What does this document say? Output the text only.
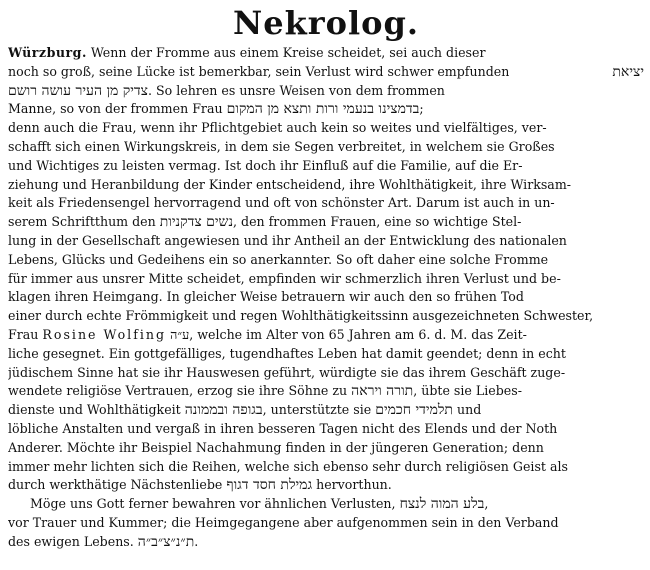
Nekrolog.
Würzburg. Wenn der Fromme aus einem Kreise scheidet, sei auch dieser
noch so groß, seine Lücke ist bemerkbar, sein Verlust wird schwer empfunden	יציאת
צדיק מן העיר עושה רושם. So lehren es unsre Weisen von dem frommen
Manne, so von der frommen Frau בדמצינו בנעמי ורות ותצא מן המקום;
denn auch die Frau, wenn ihr Pflichtgebiet auch kein so weites und vielfältiges, ver-
schafft sich einen Wirkungskreis, in dem sie Segen verbreitet, in welchem sie Großes
und Wichtiges zu leisten vermag. Ist doch ihr Einfluß auf die Familie, auf die Er-
ziehung und Heranbildung der Kinder entscheidend, ihre Wohlthätigkeit, ihre Wirksam-
keit als Friedensengel hervorragend und oft von schönster Art. Darum ist auch in un-
serem Schriftthum den נשים צדקניות, den frommen Frauen, eine so wichtige Stel-
lung in der Gesellschaft angewiesen und ihr Antheil an der Entwicklung des nationalen
Lebens, Glücks und Gedeihens ein so anerkannter. So oft daher eine solche Fromme
für immer aus unsrer Mitte scheidet, empfinden wir schmerzlich ihren Verlust und be-
klagen ihren Heimgang. In gleicher Weise betrauern wir auch den so frühen Tod
einer durch echte Frömmigkeit und regen Wohlthätigkeitssinn ausgezeichneten Schwester,
Frau Rosine Wolfing ע״ה, welche im Alter von 65 Jahren am 6. d. M. das Zeit-
liche gesegnet. Ein gottgefälliges, tugendhaftes Leben hat damit geendet; denn in echt
jüdischem Sinne hat sie ihr Hauswesen geführt, würdigte sie das ihrem Geschäft zuge-
wendete religiöse Vertrauen, erzog sie ihre Söhne zu תורה ויראה, übte sie Liebes-
dienste und Wohlthätigkeit בגופה ובממונה, unterstützte sie תלמידי חכמים und
löbliche Anstalten und vergaß in ihren besseren Tagen nicht des Elends und der Noth
Anderer. Möchte ihr Beispiel Nachahmung finden in der jüngeren Generation; denn
immer mehr lichten sich die Reihen, welche sich ebenso sehr durch religiösen Geist als
durch werkthätige Nächstenliebe גמילת חסד דגוף hervorthun.
Möge uns Gott ferner bewahren vor ähnlichen Verlusten, בלע המוה לנצח,
vor Trauer und Kummer; die Heimgegangene aber aufgenommen sein in den Verband
des ewigen Lebens. ת״נ״צ״ב״ה.
